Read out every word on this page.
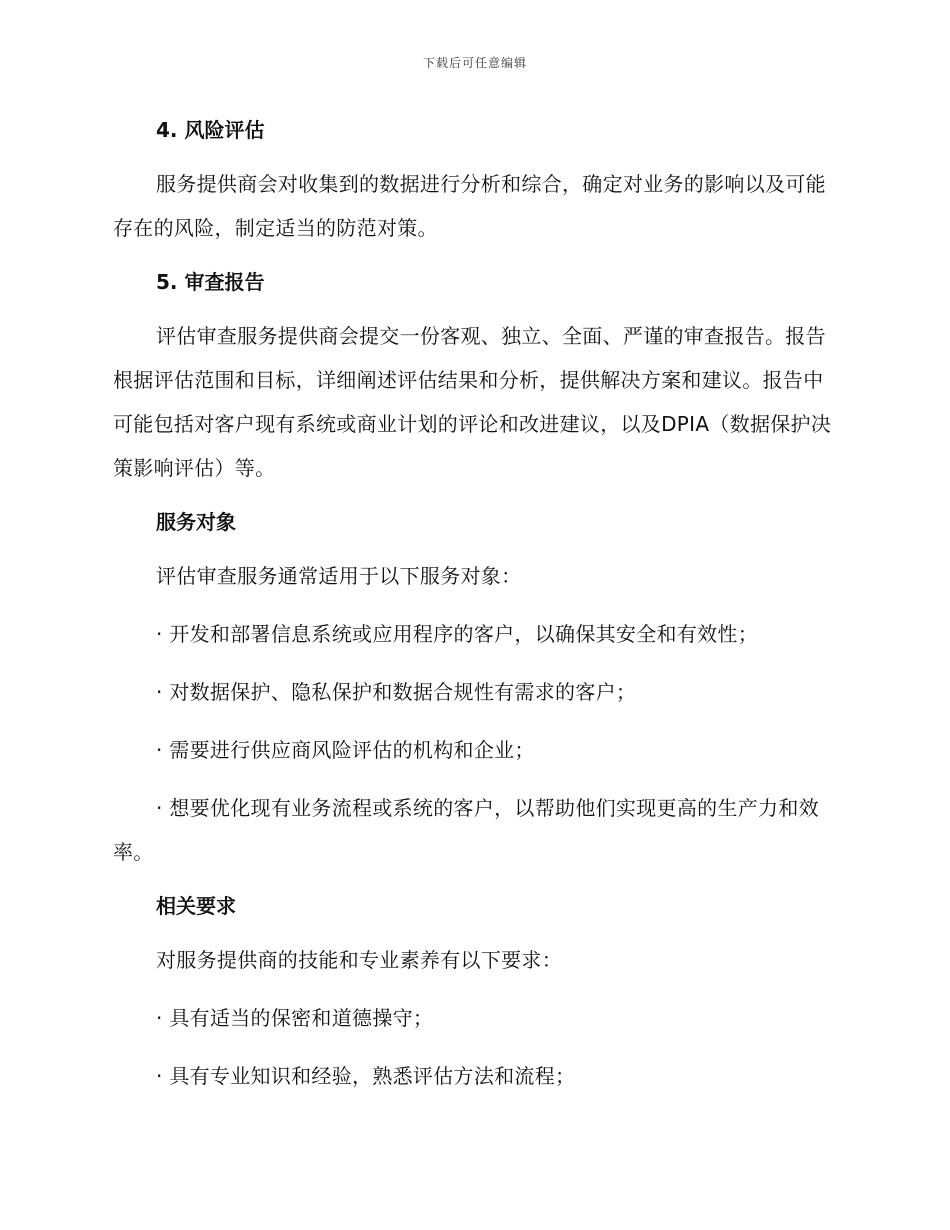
下载后可任意编辑
4. 风险评估

服务提供商会对收集到的数据进行分析和综合，确定对业务的影响以及可能存在的风险，制定适当的防范对策。

5. 审查报告

评估审查服务提供商会提交一份客观、独立、全面、严谨的审查报告。报告根据评估范围和目标，详细阐述评估结果和分析，提供解决方案和建议。报告中可能包括对客户现有系统或商业计划的评论和改进建议，以及DPIA（数据保护决策影响评估）等。

服务对象

评估审查服务通常适用于以下服务对象：

· 开发和部署信息系统或应用程序的客户，以确保其安全和有效性；

· 对数据保护、隐私保护和数据合规性有需求的客户；

· 需要进行供应商风险评估的机构和企业；

· 想要优化现有业务流程或系统的客户，以帮助他们实现更高的生产力和效率。

相关要求

对服务提供商的技能和专业素养有以下要求：

· 具有适当的保密和道德操守；

· 具有专业知识和经验，熟悉评估方法和流程；
